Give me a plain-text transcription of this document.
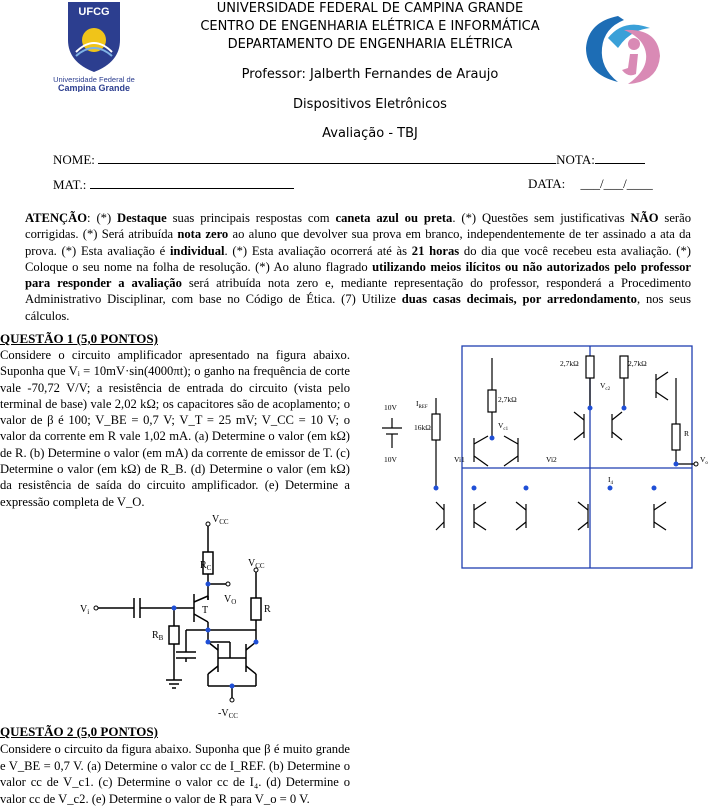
UFCG
Universidade Federal de
Campina Grande
UNIVERSIDADE FEDERAL DE CAMPINA GRANDE
CENTRO DE ENGENHARIA ELÉTRICA E INFORMÁTICA
DEPARTAMENTO DE ENGENHARIA ELÉTRICA
Professor: Jalberth Fernandes de Araujo
Dispositivos Eletrônicos
Avaliação - TBJ
NOME:	NOTA:
MAT.:	DATA: ___/___/____
ATENÇÃO: (*) Destaque suas principais respostas com caneta azul ou preta. (*) Questões sem justificativas NÃO serão corrigidas. (*) Será atribuída nota zero ao aluno que devolver sua prova em branco, independentemente de ter assinado a ata da prova. (*) Esta avaliação é individual. (*) Esta avaliação ocorrerá até às 21 horas do dia que você recebeu esta avaliação. (*) Coloque o seu nome na folha de resolução. (*) Ao aluno flagrado utilizando meios ilícitos ou não autorizados pelo professor para responder a avaliação será atribuída nota zero e, mediante representação do professor, responderá a Procedimento Administrativo Disciplinar, com base no Código de Ética. (7) Utilize duas casas decimais, por arredondamento, nos seus cálculos.
QUESTÃO 1 (5,0 PONTOS)
Considere o circuito amplificador apresentado na figura abaixo. Suponha que Vᵢ = 10mV·sin(4000πt); o ganho na frequência de corte vale -70,72 V/V; a resistência de entrada do circuito (vista pelo terminal de base) vale 2,02 kΩ; os capacitores são de acoplamento; o valor de β é 100; V_BE = 0,7 V; V_T = 25 mV; V_CC = 10 V; o valor da corrente em R vale 1,02 mA. (a) Determine o valor (em kΩ) de R. (b) Determine o valor (em mA) da corrente de emissor de T. (c) Determine o valor (em kΩ) de R_B. (d) Determine o valor (em kΩ) da resistência de saída do circuito amplificador. (e) Determine a expressão completa de V_O.
$V_{CC}$
$R_C$	$V_{CC}$
$V_O$
T	R
$V_i$
$R_B$
$-V_{CC}$
QUESTÃO 2 (5,0 PONTOS)
Considere o circuito da figura abaixo. Suponha que β é muito grande e V_BE = 0,7 V. (a) Determine o valor cc de I_REF. (b) Determine o valor cc de V_c1. (c) Determine o valor cc de I₄. (d) Determine o valor cc de V_c2. (e) Determine o valor de R para V_o = 0 V.
2,7kΩ	2,7kΩ
2,7kΩ
16kΩ
$I_{REF}$
$V_{c1}$
$V_{c2}$
Vi1	Vi2
$I_4$
R
$V_o$
10V
10V
